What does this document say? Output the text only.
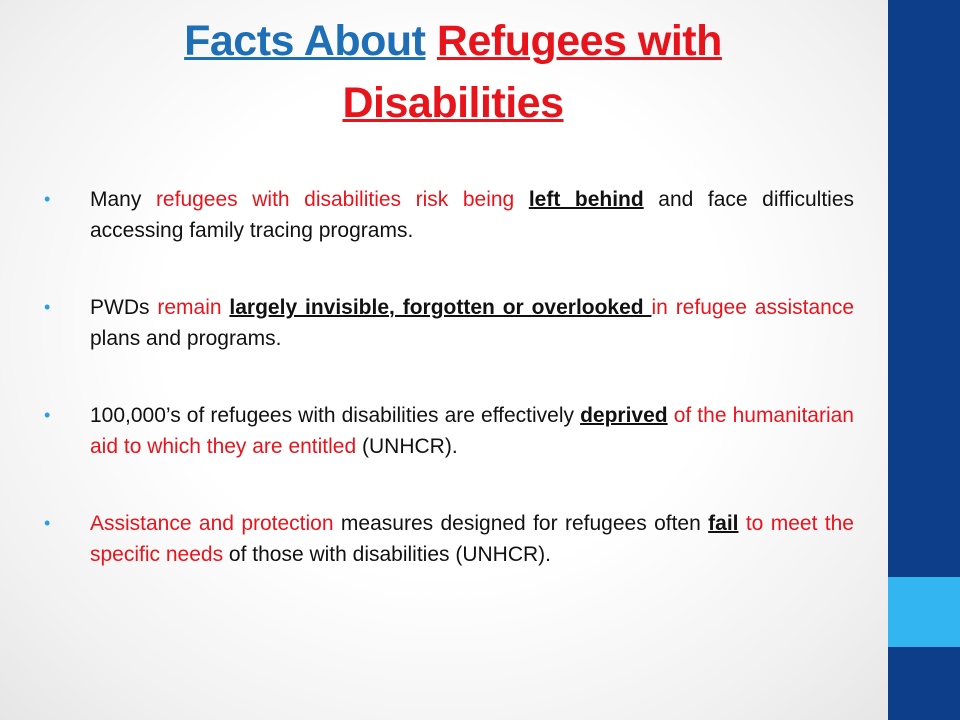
Facts About Refugees with
Disabilities
• Many refugees with disabilities risk being left behind and face difficulties accessing family tracing programs.
• PWDs remain largely invisible, forgotten or overlooked in refugee assistance plans and programs.
• 100,000’s of refugees with disabilities are effectively deprived of the humanitarian aid to which they are entitled (UNHCR).
• Assistance and protection measures designed for refugees often fail to meet the specific needs of those with disabilities (UNHCR).
